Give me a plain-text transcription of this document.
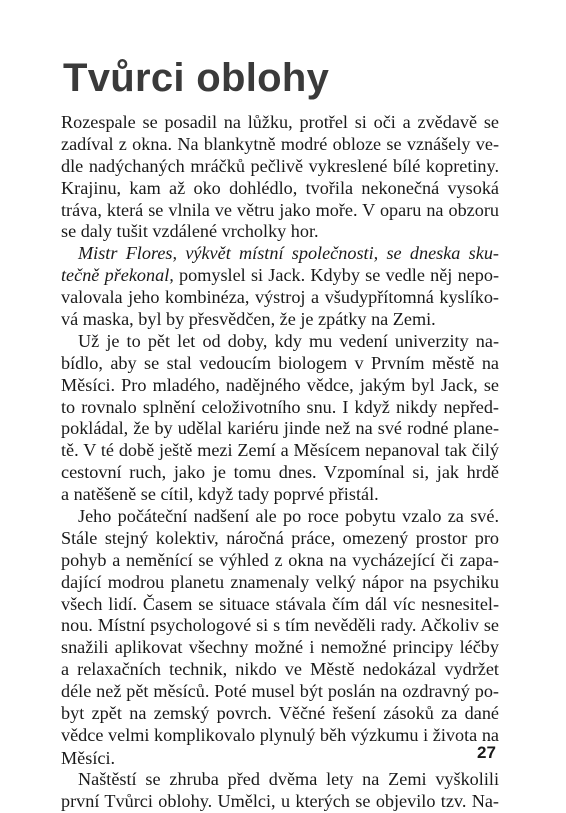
Tvůrci oblohy
Rozespale se posadil na lůžku, protřel si oči a zvědavě se
zadíval z okna. Na blankytně modré obloze se vznášely ve-
dle nadýchaných mráčků pečlivě vykreslené bílé kopretiny.
Krajinu, kam až oko dohlédlo, tvořila nekonečná vysoká
tráva, která se vlnila ve větru jako moře. V oparu na obzoru
se daly tušit vzdálené vrcholky hor.
Mistr Flores, výkvět místní společnosti, se dneska sku-
tečně překonal, pomyslel si Jack. Kdyby se vedle něj nepo-
valovala jeho kombinéza, výstroj a všudypřítomná kyslíko-
vá maska, byl by přesvědčen, že je zpátky na Zemi.
Už je to pět let od doby, kdy mu vedení univerzity na-
bídlo, aby se stal vedoucím biologem v Prvním městě na
Měsíci. Pro mladého, nadějného vědce, jakým byl Jack, se
to rovnalo splnění celoživotního snu. I když nikdy nepřed-
pokládal, že by udělal kariéru jinde než na své rodné plane-
tě. V té době ještě mezi Zemí a Měsícem nepanoval tak čilý
cestovní ruch, jako je tomu dnes. Vzpomínal si, jak hrdě
a natěšeně se cítil, když tady poprvé přistál.
Jeho počáteční nadšení ale po roce pobytu vzalo za své.
Stále stejný kolektiv, náročná práce, omezený prostor pro
pohyb a neměnící se výhled z okna na vycházející či zapa-
dající modrou planetu znamenaly velký nápor na psychiku
všech lidí. Časem se situace stávala čím dál víc nesnesitel-
nou. Místní psychologové si s tím nevěděli rady. Ačkoliv se
snažili aplikovat všechny možné i nemožné principy léčby
a relaxačních technik, nikdo ve Městě nedokázal vydržet
déle než pět měsíců. Poté musel být poslán na ozdravný po-
byt zpět na zemský povrch. Věčné řešení zásoků za dané
vědce velmi komplikovalo plynulý běh výzkumu i života na
Měsíci.
Naštěstí se zhruba před dvěma lety na Zemi vyškolili
první Tvůrci oblohy. Umělci, u kterých se objevilo tzv. Na-
27
